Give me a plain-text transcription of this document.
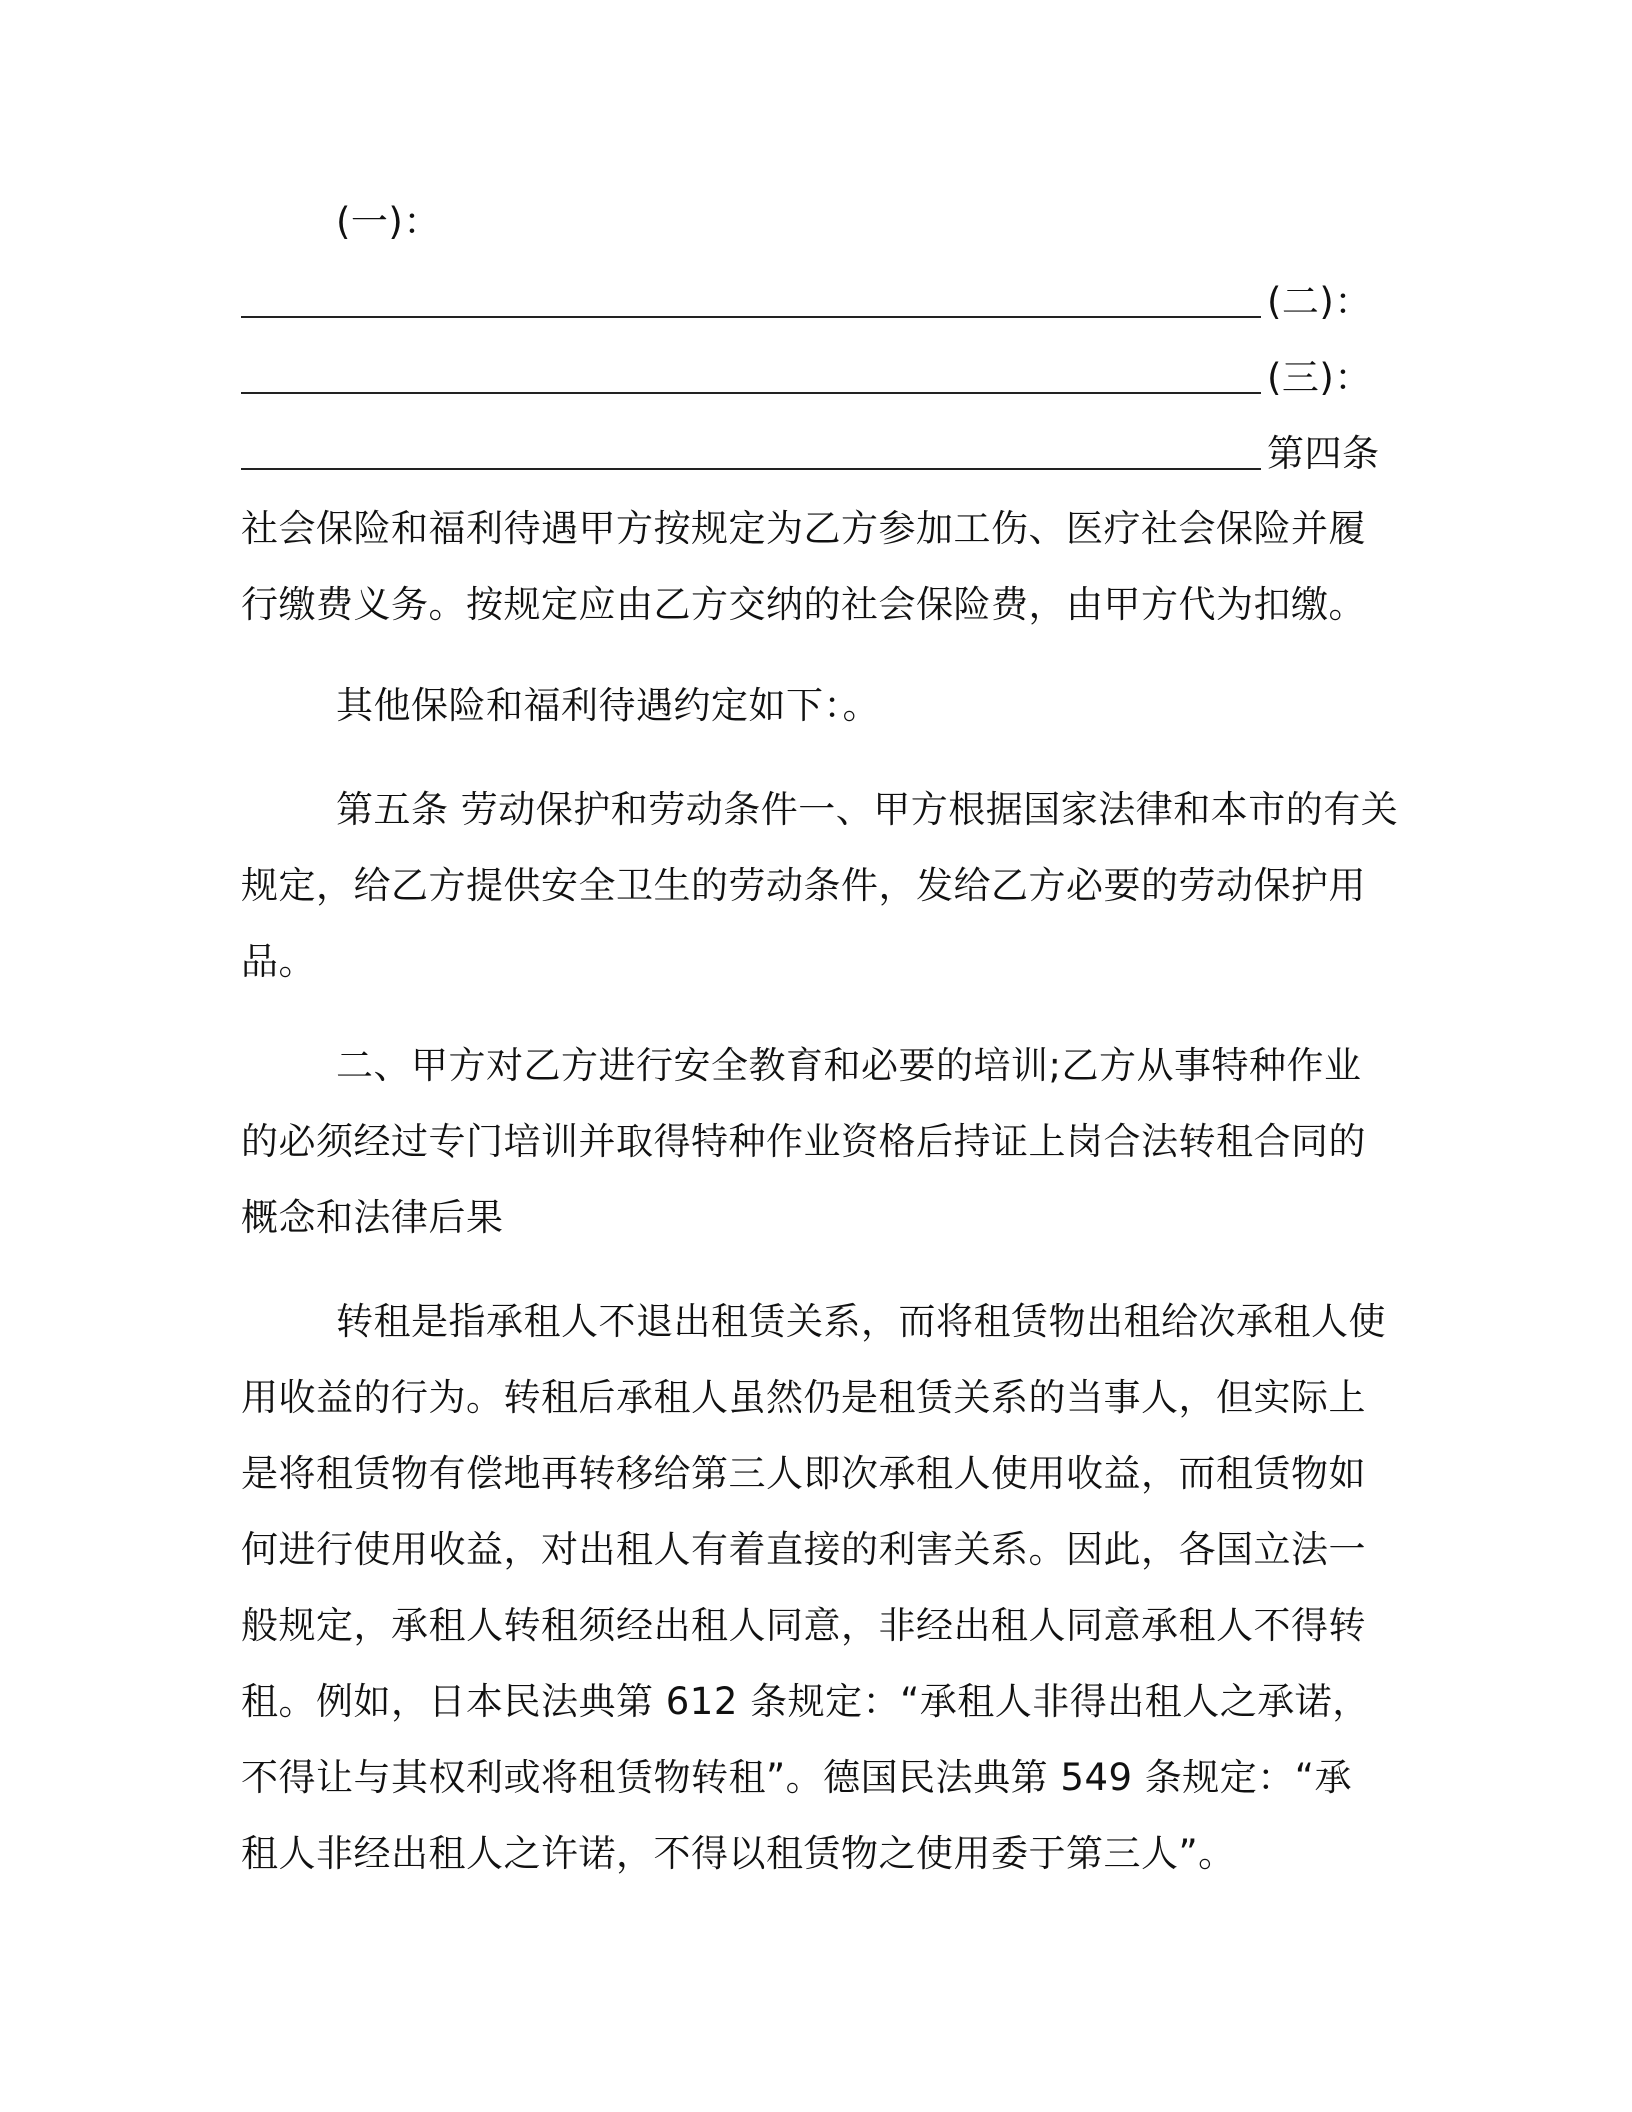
(一)：
(二)：
(三)：
第四条
社会保险和福利待遇甲方按规定为乙方参加工伤、医疗社会保险并履
行缴费义务。按规定应由乙方交纳的社会保险费，由甲方代为扣缴。
其他保险和福利待遇约定如下：。
第五条 劳动保护和劳动条件一、甲方根据国家法律和本市的有关
规定，给乙方提供安全卫生的劳动条件，发给乙方必要的劳动保护用
品。
二、甲方对乙方进行安全教育和必要的培训;乙方从事特种作业
的必须经过专门培训并取得特种作业资格后持证上岗合法转租合同的
概念和法律后果
转租是指承租人不退出租赁关系，而将租赁物出租给次承租人使
用收益的行为。转租后承租人虽然仍是租赁关系的当事人，但实际上
是将租赁物有偿地再转移给第三人即次承租人使用收益，而租赁物如
何进行使用收益，对出租人有着直接的利害关系。因此，各国立法一
般规定，承租人转租须经出租人同意，非经出租人同意承租人不得转
租。例如，日本民法典第 612 条规定：“承租人非得出租人之承诺，
不得让与其权利或将租赁物转租”。德国民法典第 549 条规定：“承
租人非经出租人之许诺，不得以租赁物之使用委于第三人”。
